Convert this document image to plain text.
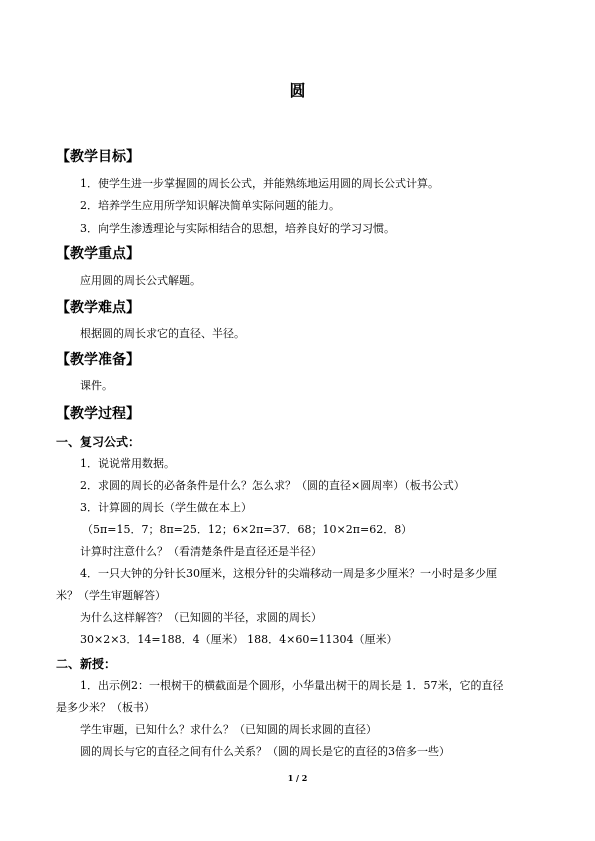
圆
【教学目标】
1．使学生进一步掌握圆的周长公式，并能熟练地运用圆的周长公式计算。
2．培养学生应用所学知识解决简单实际问题的能力。
3．向学生渗透理论与实际相结合的思想，培养良好的学习习惯。
【教学重点】
应用圆的周长公式解题。
【教学难点】
根据圆的周长求它的直径、半径。
【教学准备】
课件。
【教学过程】
一、复习公式：
1．说说常用数据。
2．求圆的周长的必备条件是什么？怎么求？（圆的直径×圆周率）（板书公式）
3．计算圆的周长（学生做在本上）
（5π=15．7；8π=25．12；6×2π=37．68；10×2π=62．8）
计算时注意什么？（看清楚条件是直径还是半径）
4．一只大钟的分针长30厘米，这根分针的尖端移动一周是多少厘米？一小时是多少厘
米？（学生审题解答）
为什么这样解答？（已知圆的半径，求圆的周长）
30×2×3．14=188．4（厘米） 188．4×60=11304（厘米）
二、新授：
1．出示例2：一根树干的横截面是个圆形，小华量出树干的周长是 1．57米，它的直径
是多少米？（板书）
学生审题，已知什么？求什么？（已知圆的周长求圆的直径）
圆的周长与它的直径之间有什么关系？（圆的周长是它的直径的3倍多一些）
1 / 2
